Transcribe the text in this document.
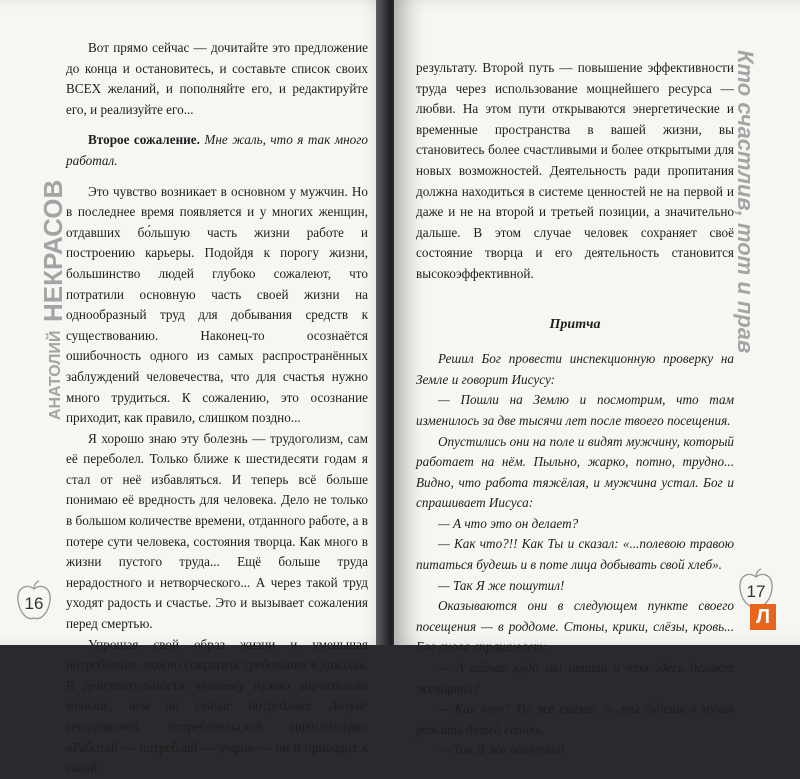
АНАТОЛИЙ НЕКРАСОВ

Вот прямо сейчас — дочитайте это предложение до конца и остановитесь, и составьте список своих ВСЕХ желаний, и пополняйте его, и редактируйте его, и реализуйте его...

Второе сожаление. Мне жаль, что я так много работал.

Это чувство возникает в основном у мужчин. Но в последнее время появляется и у многих женщин, отдавших бо́льшую часть жизни работе и построению карьеры. Подойдя к порогу жизни, большинство людей глубоко сожалеют, что потратили основную часть своей жизни на однообразный труд для добывания средств к существованию. Наконец-то осознаётся ошибочность одного из самых распространённых заблуждений человечества, что для счастья нужно много трудиться. К сожалению, это осознание приходит, как правило, слишком поздно...

Я хорошо знаю эту болезнь — трудоголизм, сам её переболел. Только ближе к шестидесяти годам я стал от неё избавляться. И теперь всё больше понимаю её вредность для человека. Дело не только в большом количестве времени, отданного работе, а в потере сути человека, состояния творца. Как много в жизни пустого труда... Ещё больше труда нерадостного и нетворческого... А через такой труд уходят радость и счастье. Это и вызывает сожаления перед смертью.

Упрощая свой образ жизни и уменьшая потребление, можно сократить требования в доходах. В действительности человеку нужно значительно меньше, чем он сейчас потребляет. Лозунг сегодняшней потребительской цивилизации: «Работай — потребляй — умри» — он и приводит к такой

16

результату. Второй путь — повышение эффективности труда через использование мощнейшего ресурса — любви. На этом пути открываются энергетические и временные пространства в вашей жизни, вы становитесь более счастливыми и более открытыми для новых возможностей. Деятельность ради пропитания должна находиться в системе ценностей не на первой и даже и не на второй и третьей позиции, а значительно дальше. В этом случае человек сохраняет своё состояние творца и его деятельность становится высокоэффективной.

Притча

Решил Бог провести инспекционную проверку на Земле и говорит Иисусу:

— Пошли на Землю и посмотрим, что там изменилось за две тысячи лет после твоего посещения.

Опустились они на поле и видят мужчину, который работает на нём. Пыльно, жарко, потно, трудно... Видно, что работа тяжёлая, и мужчина устал. Бог и спрашивает Иисуса:

— А что это он делает?

— Как что?!! Как Ты и сказал: «...полевою травою питаться будешь и в поте лица добывать свой хлеб».

— Так Я же пошутил!

Оказываются они в следующем пункте своего посещения — в роддоме. Стоны, крики, слёзы, кровь... Бог снова спрашивает:

— А сейчас куда мы попали и что здесь делают женщины?

— Как что? Ты же сказал: «...ты будешь в муках рожать детей своих».

— Так Я же пошутил!

17
Кто счастлив, тот и прав
Л
